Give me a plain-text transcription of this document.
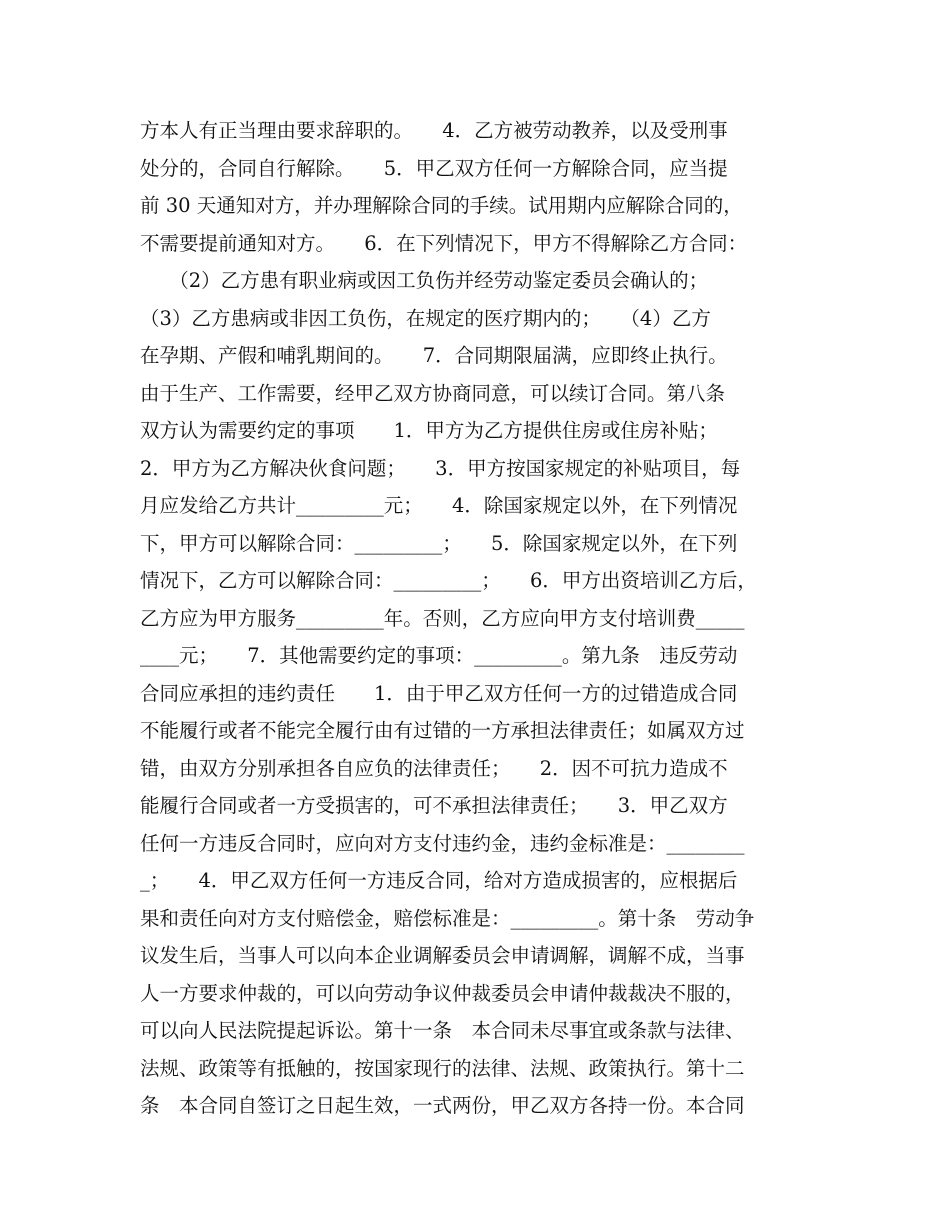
方本人有正当理由要求辞职的。　　4．乙方被劳动教养，以及受刑事
处分的，合同自行解除。　　5．甲乙双方任何一方解除合同，应当提
前 30 天通知对方，并办理解除合同的手续。试用期内应解除合同的，
不需要提前通知对方。　　6．在下列情况下，甲方不得解除乙方合同：
　　（2）乙方患有职业病或因工负伤并经劳动鉴定委员会确认的；
（3）乙方患病或非因工负伤，在规定的医疗期内的；　　（4）乙方
在孕期、产假和哺乳期间的。　　7．合同期限届满，应即终止执行。
由于生产、工作需要，经甲乙双方协商同意，可以续订合同。第八条
双方认为需要约定的事项　　1．甲方为乙方提供住房或住房补贴；
2．甲方为乙方解决伙食问题；　　3．甲方按国家规定的补贴项目，每
月应发给乙方共计_________元；　　4．除国家规定以外，在下列情况
下，甲方可以解除合同：_________；　　5．除国家规定以外，在下列
情况下，乙方可以解除合同：_________；　　6．甲方出资培训乙方后，
乙方应为甲方服务_________年。否则，乙方应向甲方支付培训费_____
____元；　　7．其他需要约定的事项：_________。第九条　违反劳动
合同应承担的违约责任　　1．由于甲乙双方任何一方的过错造成合同
不能履行或者不能完全履行由有过错的一方承担法律责任；如属双方过
错，由双方分别承担各自应负的法律责任；　　2．因不可抗力造成不
能履行合同或者一方受损害的，可不承担法律责任；　　3．甲乙双方
任何一方违反合同时，应向对方支付违约金，违约金标准是：________
_；　　4．甲乙双方任何一方违反合同，给对方造成损害的，应根据后
果和责任向对方支付赔偿金，赔偿标准是：_________。第十条　劳动争
议发生后，当事人可以向本企业调解委员会申请调解，调解不成，当事
人一方要求仲裁的，可以向劳动争议仲裁委员会申请仲裁裁决不服的，
可以向人民法院提起诉讼。第十一条　本合同未尽事宜或条款与法律、
法规、政策等有抵触的，按国家现行的法律、法规、政策执行。第十二
条　本合同自签订之日起生效，一式两份，甲乙双方各持一份。本合同
